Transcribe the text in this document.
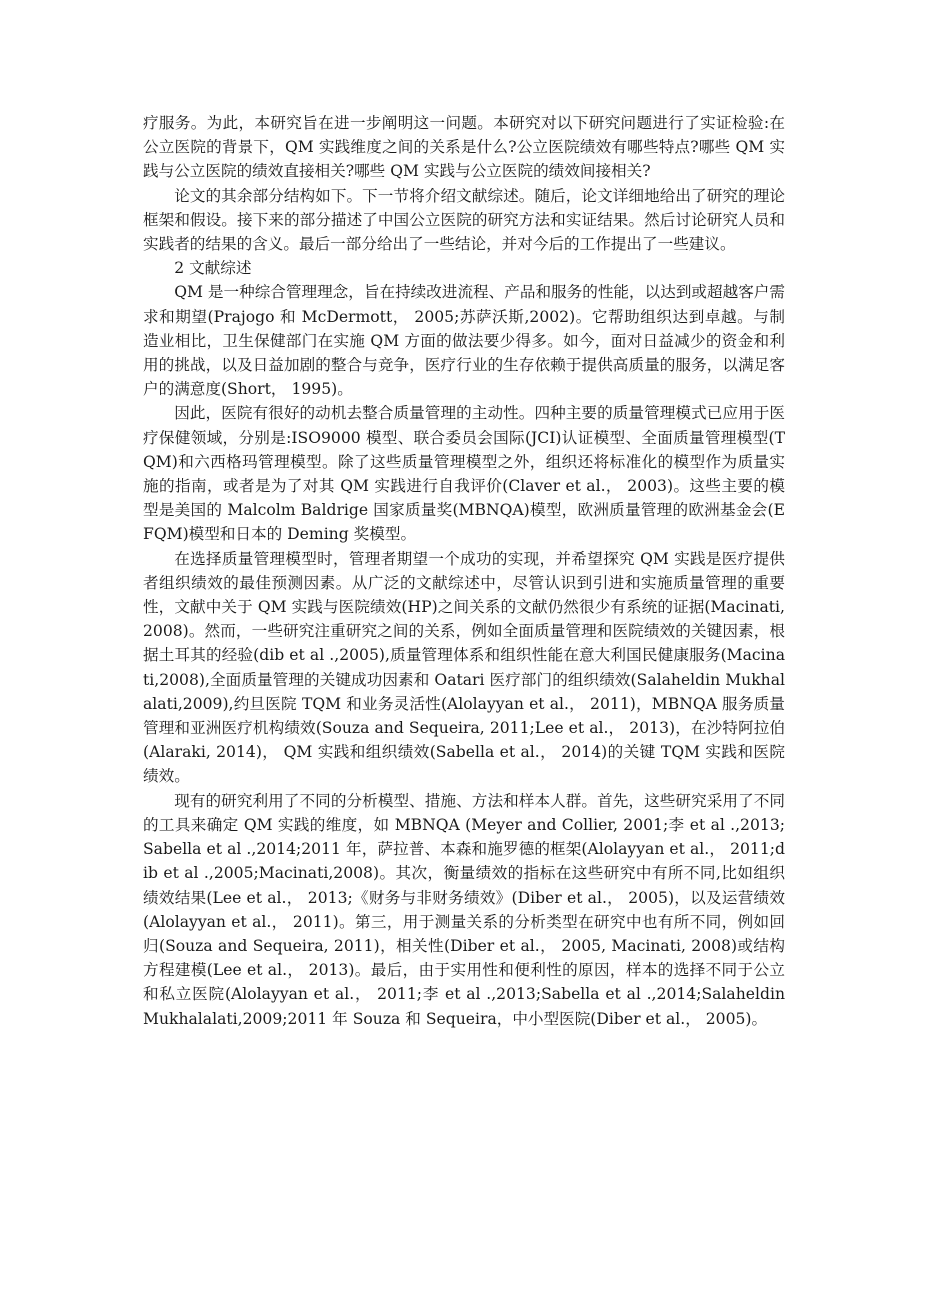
疗服务。为此，本研究旨在进一步阐明这一问题。本研究对以下研究问题进行了实证检验:在公立医院的背景下，QM 实践维度之间的关系是什么?公立医院绩效有哪些特点?哪些 QM 实践与公立医院的绩效直接相关?哪些 QM 实践与公立医院的绩效间接相关?

论文的其余部分结构如下。下一节将介绍文献综述。随后，论文详细地给出了研究的理论框架和假设。接下来的部分描述了中国公立医院的研究方法和实证结果。然后讨论研究人员和实践者的结果的含义。最后一部分给出了一些结论，并对今后的工作提出了一些建议。

2 文献综述

QM 是一种综合管理理念，旨在持续改进流程、产品和服务的性能，以达到或超越客户需求和期望(Prajogo 和 McDermott， 2005;苏萨沃斯,2002)。它帮助组织达到卓越。与制造业相比，卫生保健部门在实施 QM 方面的做法要少得多。如今，面对日益减少的资金和利用的挑战，以及日益加剧的整合与竞争，医疗行业的生存依赖于提供高质量的服务，以满足客户的满意度(Short， 1995)。

因此，医院有很好的动机去整合质量管理的主动性。四种主要的质量管理模式已应用于医疗保健领域，分别是:ISO9000 模型、联合委员会国际(JCI)认证模型、全面质量管理模型(TQM)和六西格玛管理模型。除了这些质量管理模型之外，组织还将标准化的模型作为质量实施的指南，或者是为了对其 QM 实践进行自我评价(Claver et al.， 2003)。这些主要的模型是美国的 Malcolm Baldrige 国家质量奖(MBNQA)模型，欧洲质量管理的欧洲基金会(EFQM)模型和日本的 Deming 奖模型。

在选择质量管理模型时，管理者期望一个成功的实现，并希望探究 QM 实践是医疗提供者组织绩效的最佳预测因素。从广泛的文献综述中，尽管认识到引进和实施质量管理的重要性，文献中关于 QM 实践与医院绩效(HP)之间关系的文献仍然很少有系统的证据(Macinati, 2008)。然而，一些研究注重研究之间的关系，例如全面质量管理和医院绩效的关键因素，根据土耳其的经验(dib et al .,2005),质量管理体系和组织性能在意大利国民健康服务(Macinati,2008),全面质量管理的关键成功因素和 Oatari 医疗部门的组织绩效(Salaheldin Mukhalalati,2009),约旦医院 TQM 和业务灵活性(Alolayyan et al.， 2011)，MBNQA 服务质量管理和亚洲医疗机构绩效(Souza and Sequeira, 2011;Lee et al.， 2013)，在沙特阿拉伯(Alaraki, 2014)， QM 实践和组织绩效(Sabella et al.， 2014)的关键 TQM 实践和医院绩效。

现有的研究利用了不同的分析模型、措施、方法和样本人群。首先，这些研究采用了不同的工具来确定 QM 实践的维度，如 MBNQA (Meyer and Collier, 2001;李 et al .,2013;Sabella et al .,2014;2011 年，萨拉普、本森和施罗德的框架(Alolayyan et al.， 2011;dib et al .,2005;Macinati,2008)。其次，衡量绩效的指标在这些研究中有所不同,比如组织绩效结果(Lee et al.， 2013;《财务与非财务绩效》(Diber et al.， 2005)，以及运营绩效(Alolayyan et al.， 2011)。第三，用于测量关系的分析类型在研究中也有所不同，例如回归(Souza and Sequeira, 2011)，相关性(Diber et al.， 2005, Macinati, 2008)或结构方程建模(Lee et al.， 2013)。最后，由于实用性和便利性的原因，样本的选择不同于公立和私立医院(Alolayyan et al.， 2011;李 et al .,2013;Sabella et al .,2014;Salaheldin Mukhalalati,2009;2011 年 Souza 和 Sequeira，中小型医院(Diber et al.， 2005)。
